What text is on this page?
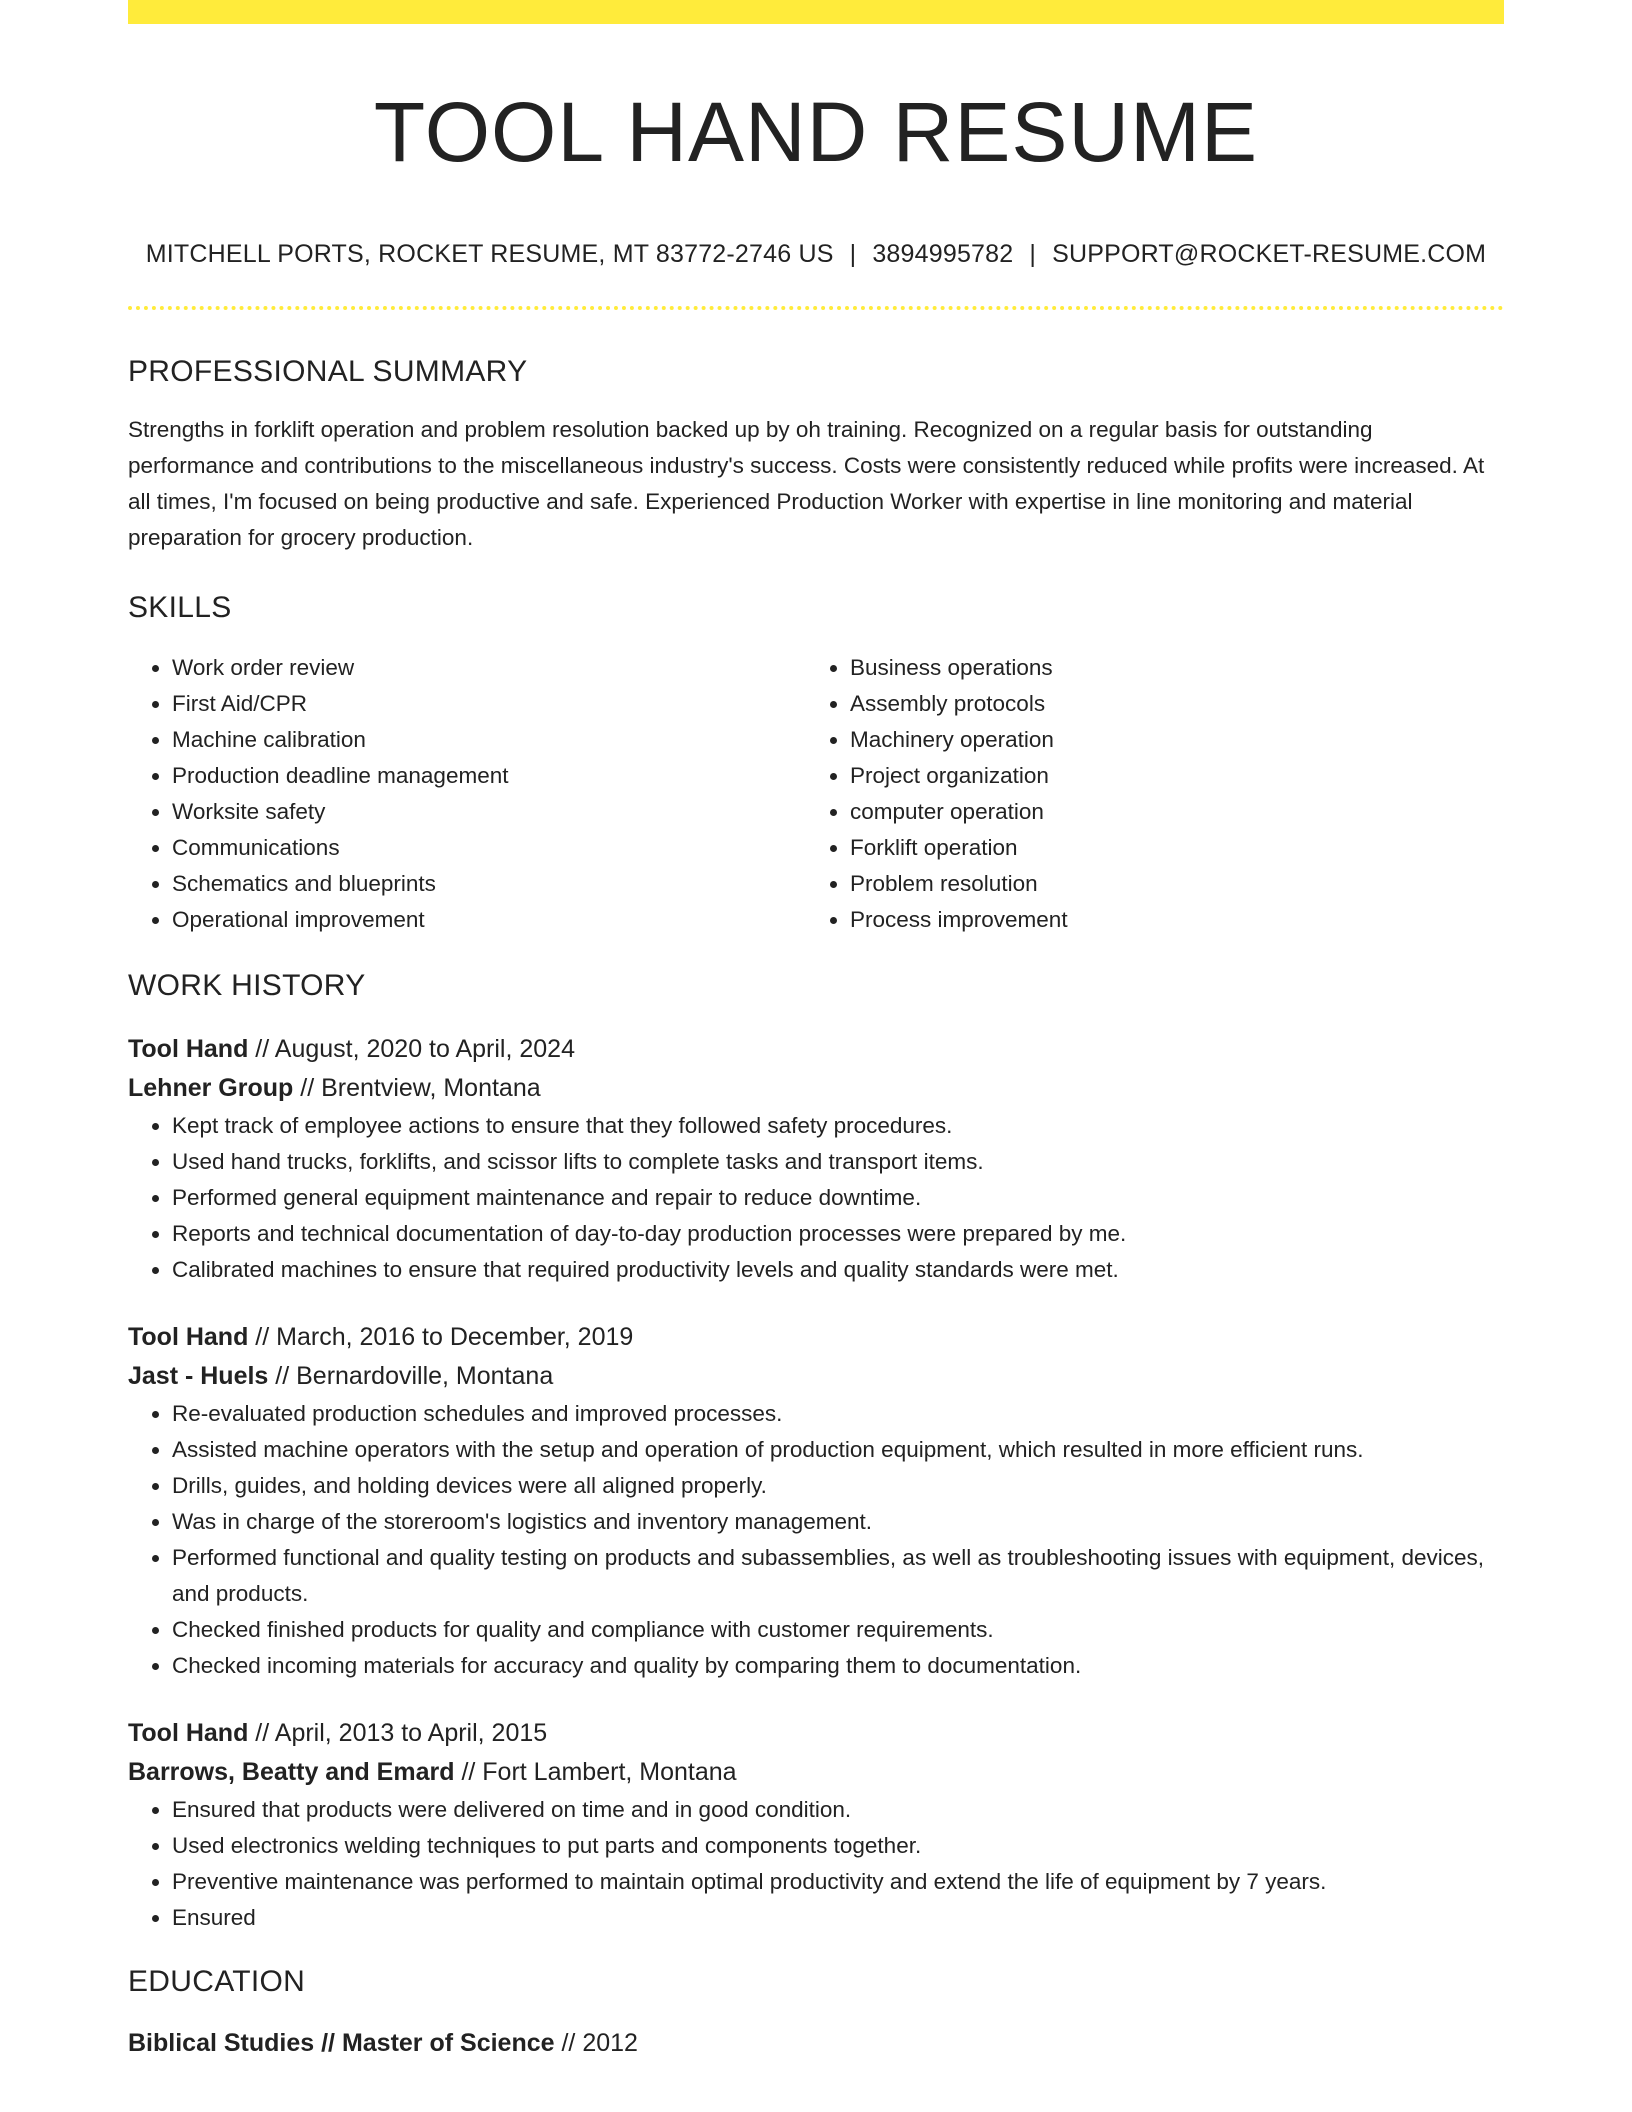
TOOL HAND RESUME
MITCHELL PORTS, ROCKET RESUME, MT 83772-2746 US | 3894995782 | SUPPORT@ROCKET-RESUME.COM
PROFESSIONAL SUMMARY

Strengths in forklift operation and problem resolution backed up by oh training. Recognized on a regular basis for outstanding performance and contributions to the miscellaneous industry's success. Costs were consistently reduced while profits were increased. At all times, I'm focused on being productive and safe. Experienced Production Worker with expertise in line monitoring and material preparation for grocery production.

SKILLS
• Work order review
• First Aid/CPR
• Machine calibration
• Production deadline management
• Worksite safety
• Communications
• Schematics and blueprints
• Operational improvement
• Business operations
• Assembly protocols
• Machinery operation
• Project organization
• computer operation
• Forklift operation
• Problem resolution
• Process improvement
WORK HISTORY
Tool Hand // August, 2020 to April, 2024
Lehner Group // Brentview, Montana
• Kept track of employee actions to ensure that they followed safety procedures.
• Used hand trucks, forklifts, and scissor lifts to complete tasks and transport items.
• Performed general equipment maintenance and repair to reduce downtime.
• Reports and technical documentation of day-to-day production processes were prepared by me.
• Calibrated machines to ensure that required productivity levels and quality standards were met.
Tool Hand // March, 2016 to December, 2019
Jast - Huels // Bernardoville, Montana
• Re-evaluated production schedules and improved processes.
• Assisted machine operators with the setup and operation of production equipment, which resulted in more efficient runs.
• Drills, guides, and holding devices were all aligned properly.
• Was in charge of the storeroom's logistics and inventory management.
• Performed functional and quality testing on products and subassemblies, as well as troubleshooting issues with equipment, devices, and products.
• Checked finished products for quality and compliance with customer requirements.
• Checked incoming materials for accuracy and quality by comparing them to documentation.
Tool Hand // April, 2013 to April, 2015
Barrows, Beatty and Emard // Fort Lambert, Montana
• Ensured that products were delivered on time and in good condition.
• Used electronics welding techniques to put parts and components together.
• Preventive maintenance was performed to maintain optimal productivity and extend the life of equipment by 7 years.
• Ensured
EDUCATION
Biblical Studies // Master of Science // 2012
